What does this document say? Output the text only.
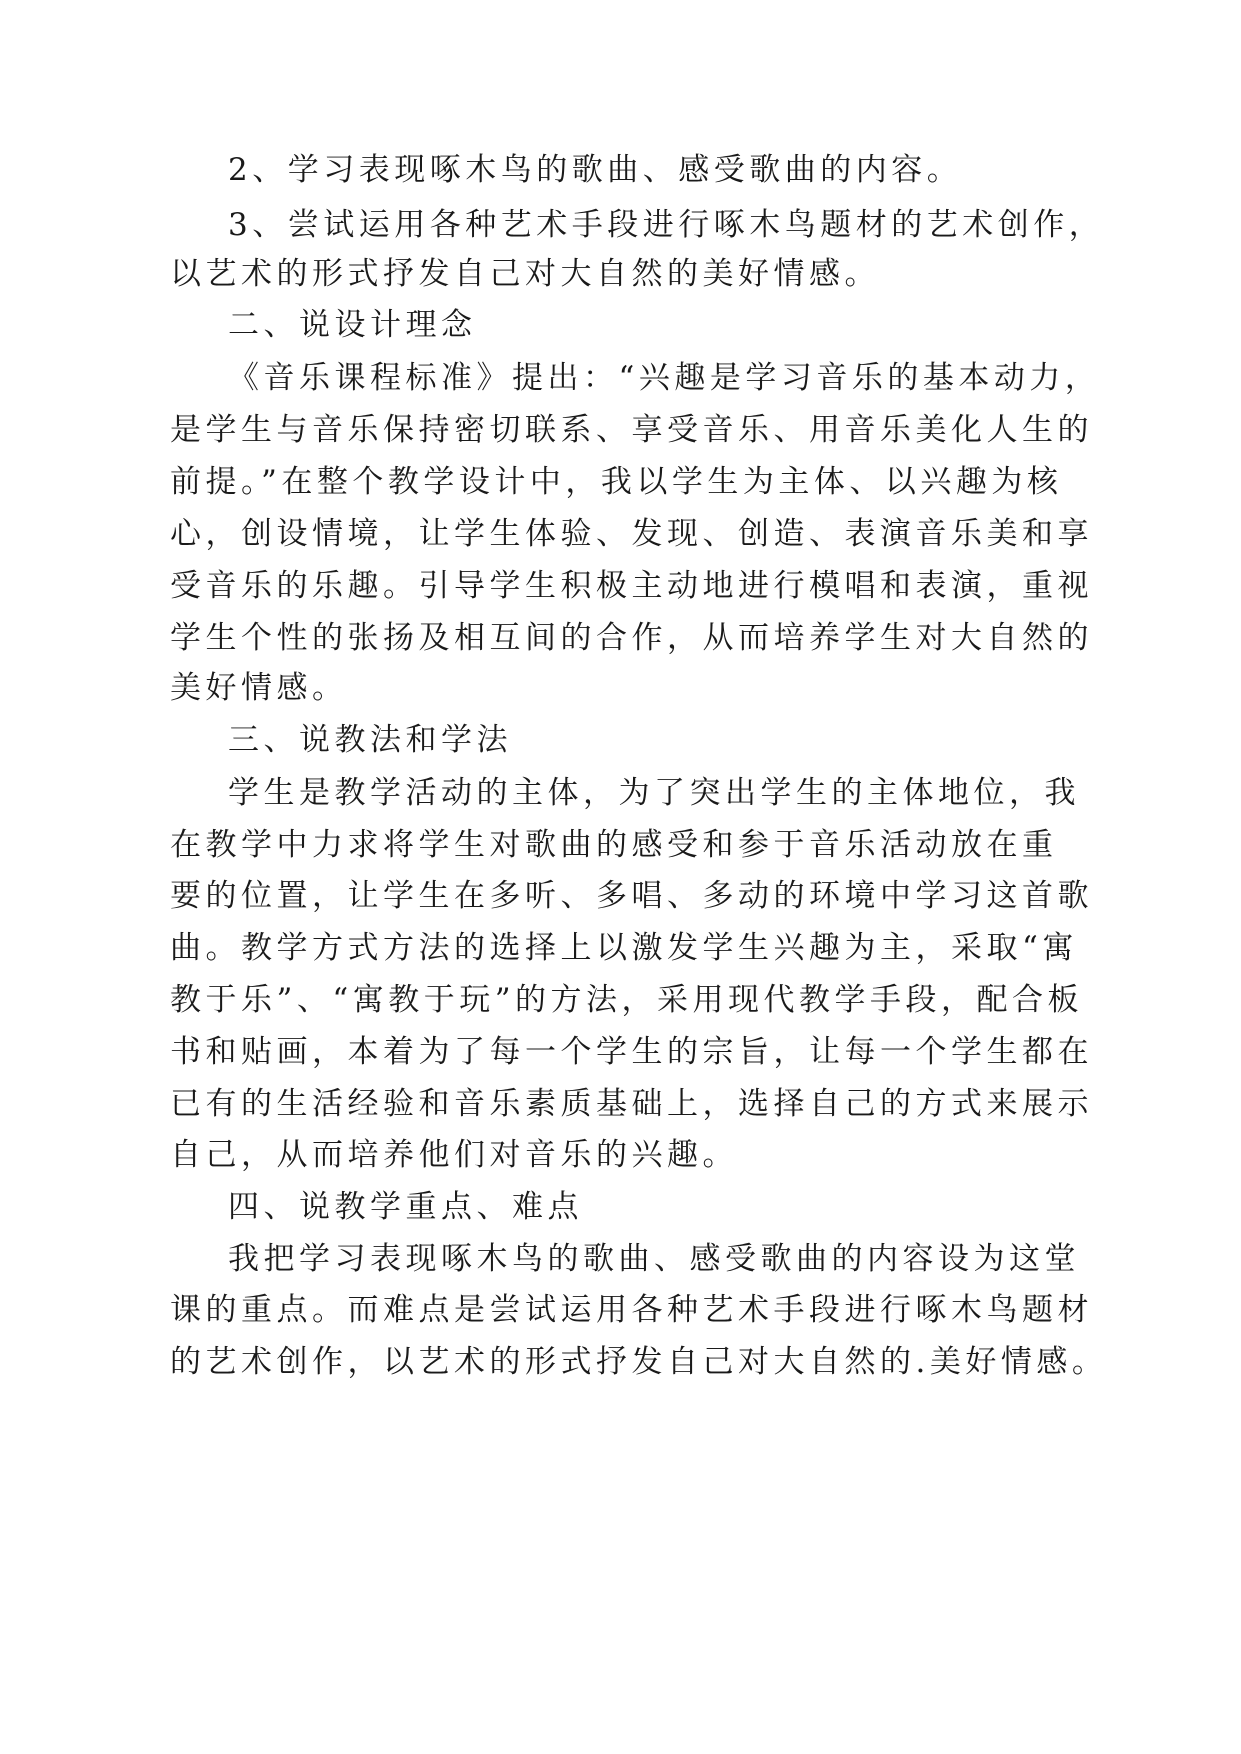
2、学习表现啄木鸟的歌曲、感受歌曲的内容。

3、尝试运用各种艺术手段进行啄木鸟题材的艺术创作，

以艺术的形式抒发自己对大自然的美好情感。

二、说设计理念

《音乐课程标准》提出：“兴趣是学习音乐的基本动力，

是学生与音乐保持密切联系、享受音乐、用音乐美化人生的

前提。”在整个教学设计中，我以学生为主体、以兴趣为核

心，创设情境，让学生体验、发现、创造、表演音乐美和享

受音乐的乐趣。引导学生积极主动地进行模唱和表演，重视

学生个性的张扬及相互间的合作，从而培养学生对大自然的

美好情感。

三、说教法和学法

学生是教学活动的主体，为了突出学生的主体地位，我

在教学中力求将学生对歌曲的感受和参于音乐活动放在重

要的位置，让学生在多听、多唱、多动的环境中学习这首歌

曲。教学方式方法的选择上以激发学生兴趣为主，采取“寓

教于乐”、“寓教于玩”的方法，采用现代教学手段，配合板

书和贴画，本着为了每一个学生的宗旨，让每一个学生都在

已有的生活经验和音乐素质基础上，选择自己的方式来展示

自己，从而培养他们对音乐的兴趣。

四、说教学重点、难点

我把学习表现啄木鸟的歌曲、感受歌曲的内容设为这堂

课的重点。而难点是尝试运用各种艺术手段进行啄木鸟题材

的艺术创作，以艺术的形式抒发自己对大自然的.美好情感。
